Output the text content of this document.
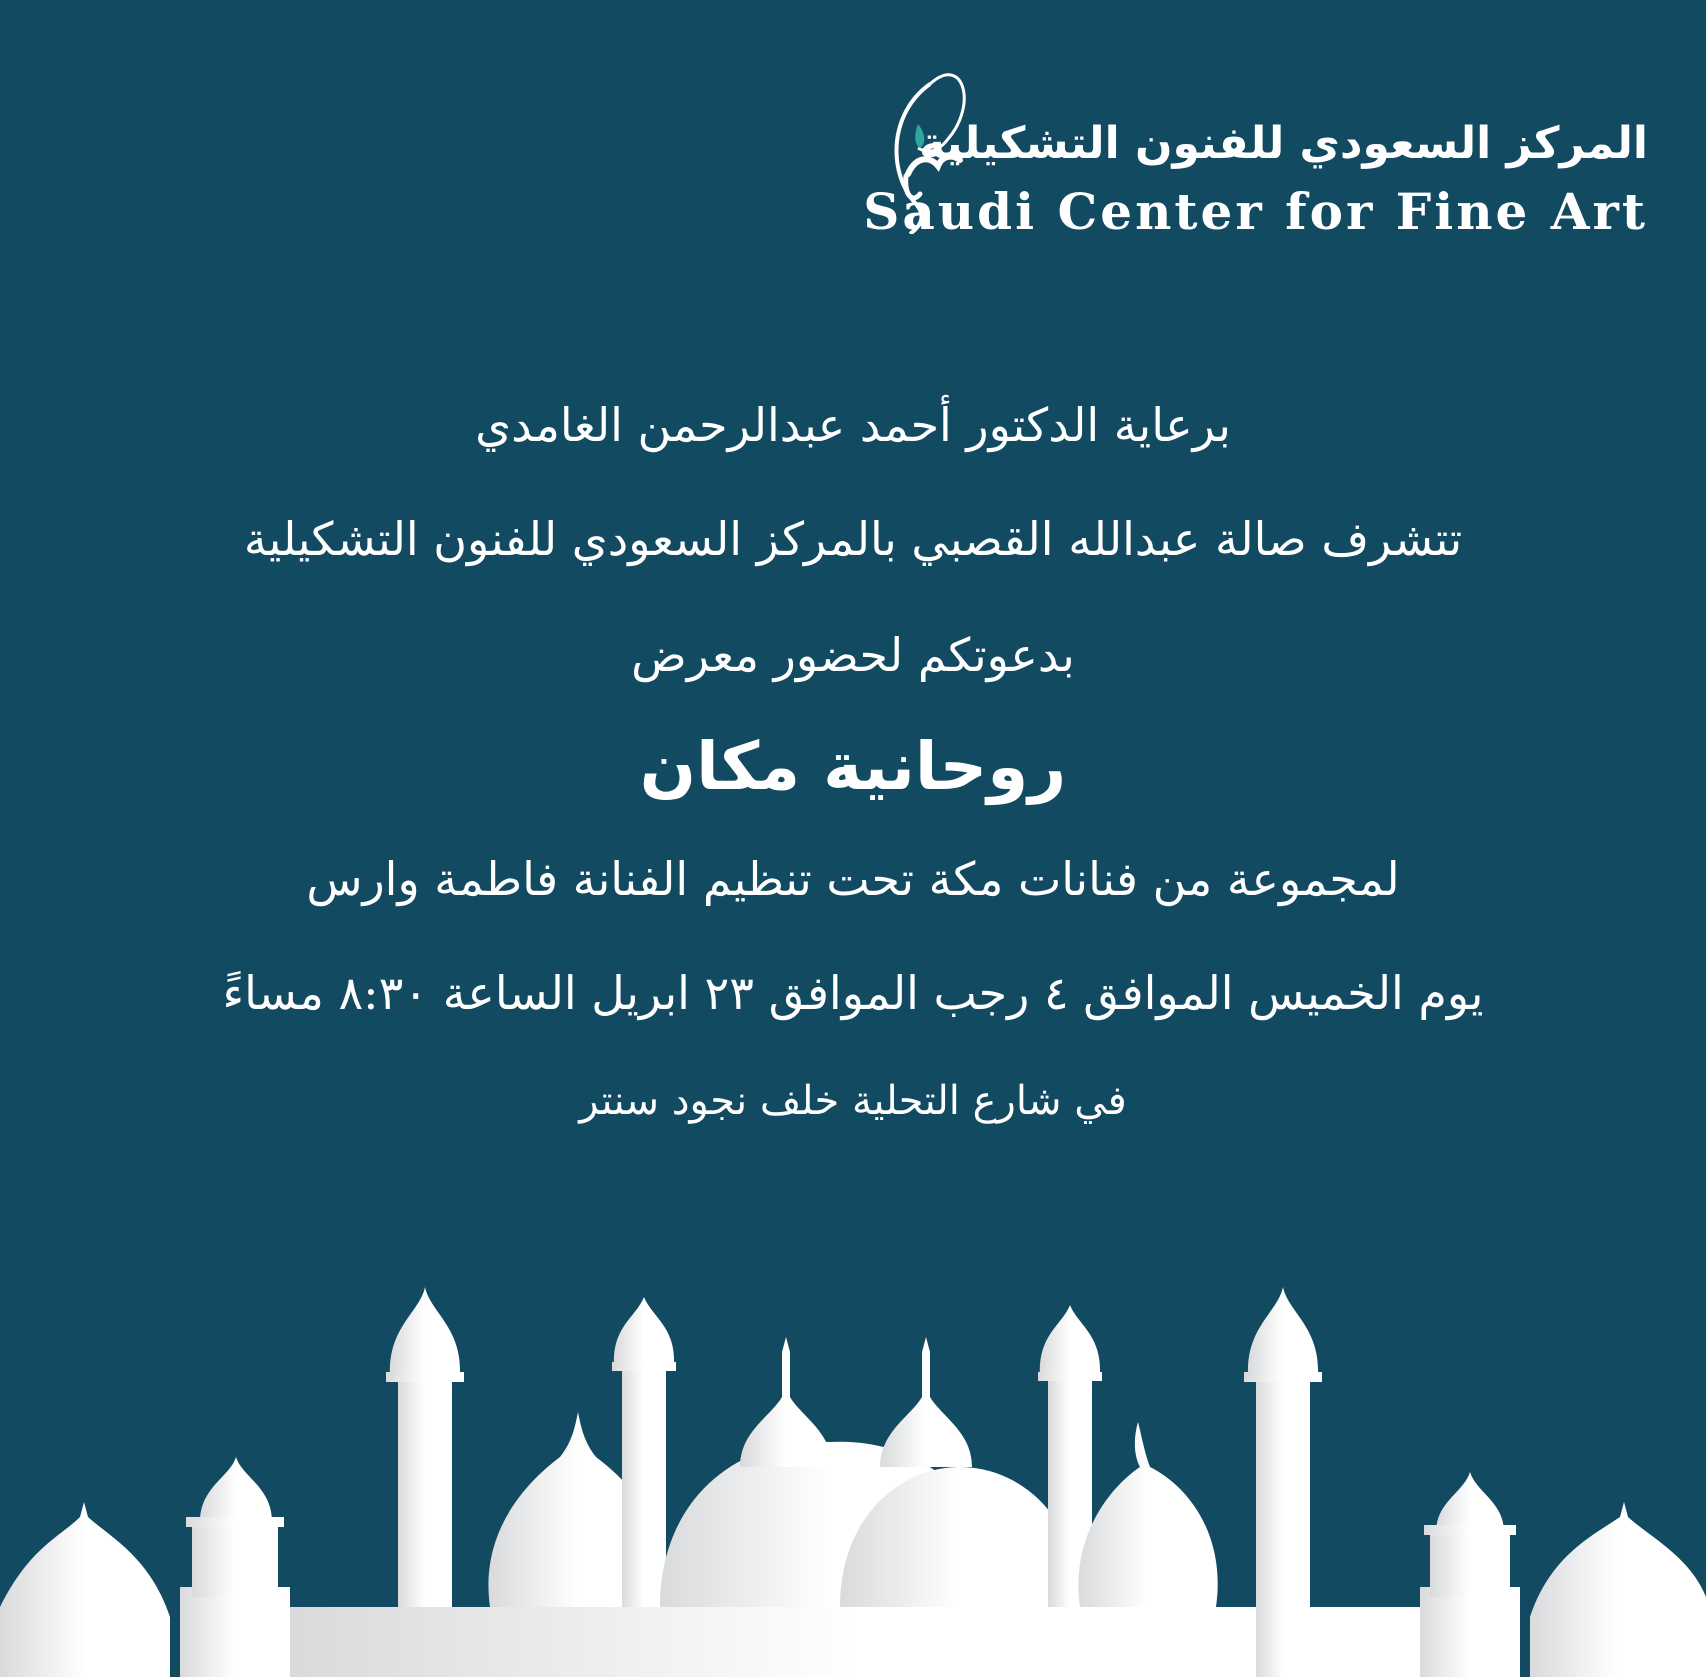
المركز السعودي للفنون التشكيلية
Saudi Center for Fine Art
برعاية الدكتور أحمد عبدالرحمن الغامدي
تتشرف صالة عبدالله القصبي بالمركز السعودي للفنون التشكيلية
بدعوتكم لحضور معرض
روحانية مكان
لمجموعة من فنانات مكة تحت تنظيم الفنانة فاطمة وارس
يوم الخميس الموافق ٤ رجب الموافق ٢٣ ابريل الساعة ٨:٣٠ مساءً
في شارع التحلية خلف نجود سنتر
